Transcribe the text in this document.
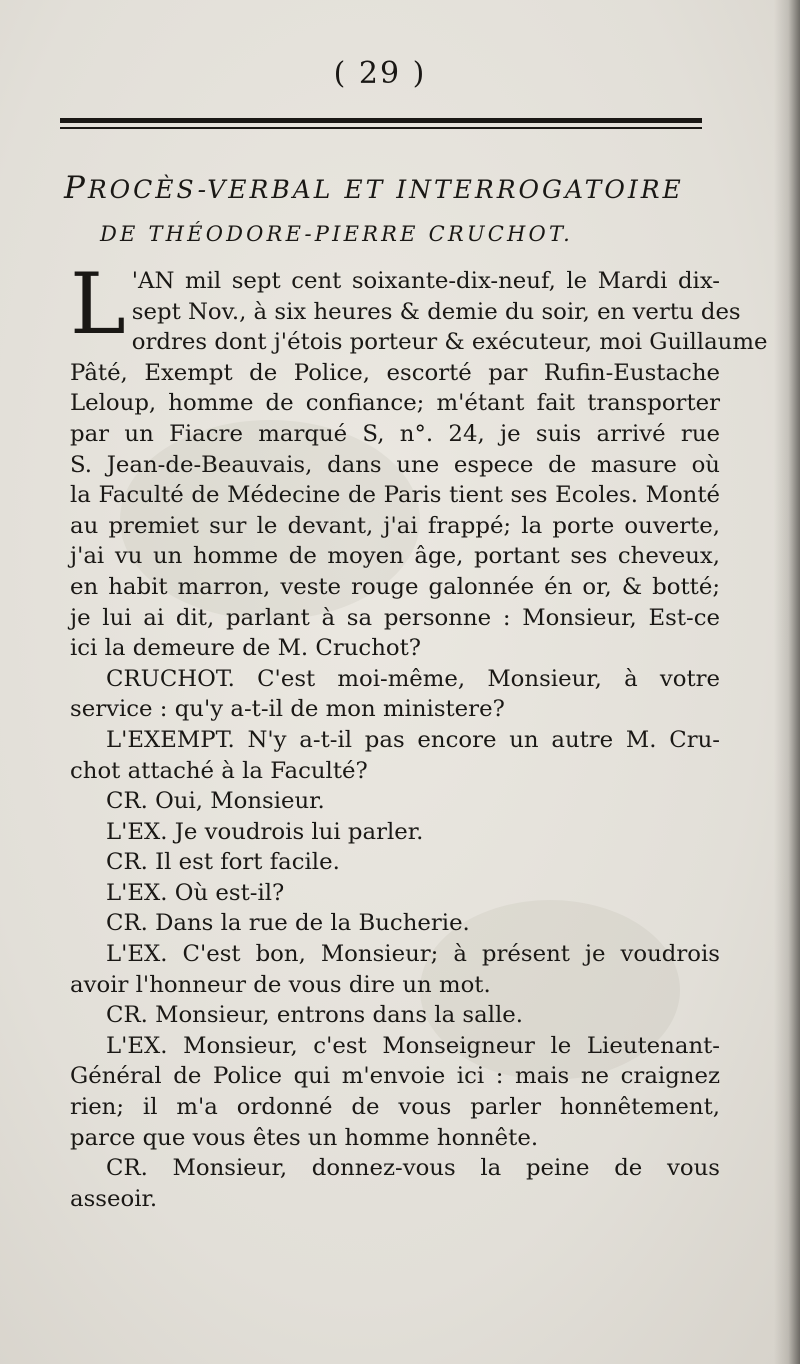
( 29 )
PROCÈS-VERBAL ET INTERROGATOIRE
DE THÉODORE-PIERRE CRUCHOT.
L 'AN mil sept cent soixante-dix-neuf, le Mardi dix-
sept Nov., à six heures & demie du soir, en vertu des
ordres dont j'étois porteur & exécuteur, moi Guillaume
Pâté, Exempt de Police, escorté par Rufin-Eustache
Leloup, homme de confiance; m'étant fait transporter
par un Fiacre marqué S, n°. 24, je suis arrivé rue
S. Jean-de-Beauvais, dans une espece de masure où
la Faculté de Médecine de Paris tient ses Ecoles. Monté
au premiet sur le devant, j'ai frappé; la porte ouverte,
j'ai vu un homme de moyen âge, portant ses cheveux,
en habit marron, veste rouge galonnée én or, & botté;
je lui ai dit, parlant à sa personne : Monsieur, Est-ce
ici la demeure de M. Cruchot?
CRUCHOT. C'est moi-même, Monsieur, à votre
service : qu'y a-t-il de mon ministere?
L'EXEMPT. N'y a-t-il pas encore un autre M. Cru-
chot attaché à la Faculté?
CR. Oui, Monsieur.
L'EX. Je voudrois lui parler.
CR. Il est fort facile.
L'EX. Où est-il?
CR. Dans la rue de la Bucherie.
L'EX. C'est bon, Monsieur; à présent je voudrois
avoir l'honneur de vous dire un mot.
CR. Monsieur, entrons dans la salle.
L'EX. Monsieur, c'est Monseigneur le Lieutenant-
Général de Police qui m'envoie ici : mais ne craignez
rien; il m'a ordonné de vous parler honnêtement,
parce que vous êtes un homme honnête.
CR. Monsieur, donnez-vous la peine de vous
asseoir.
